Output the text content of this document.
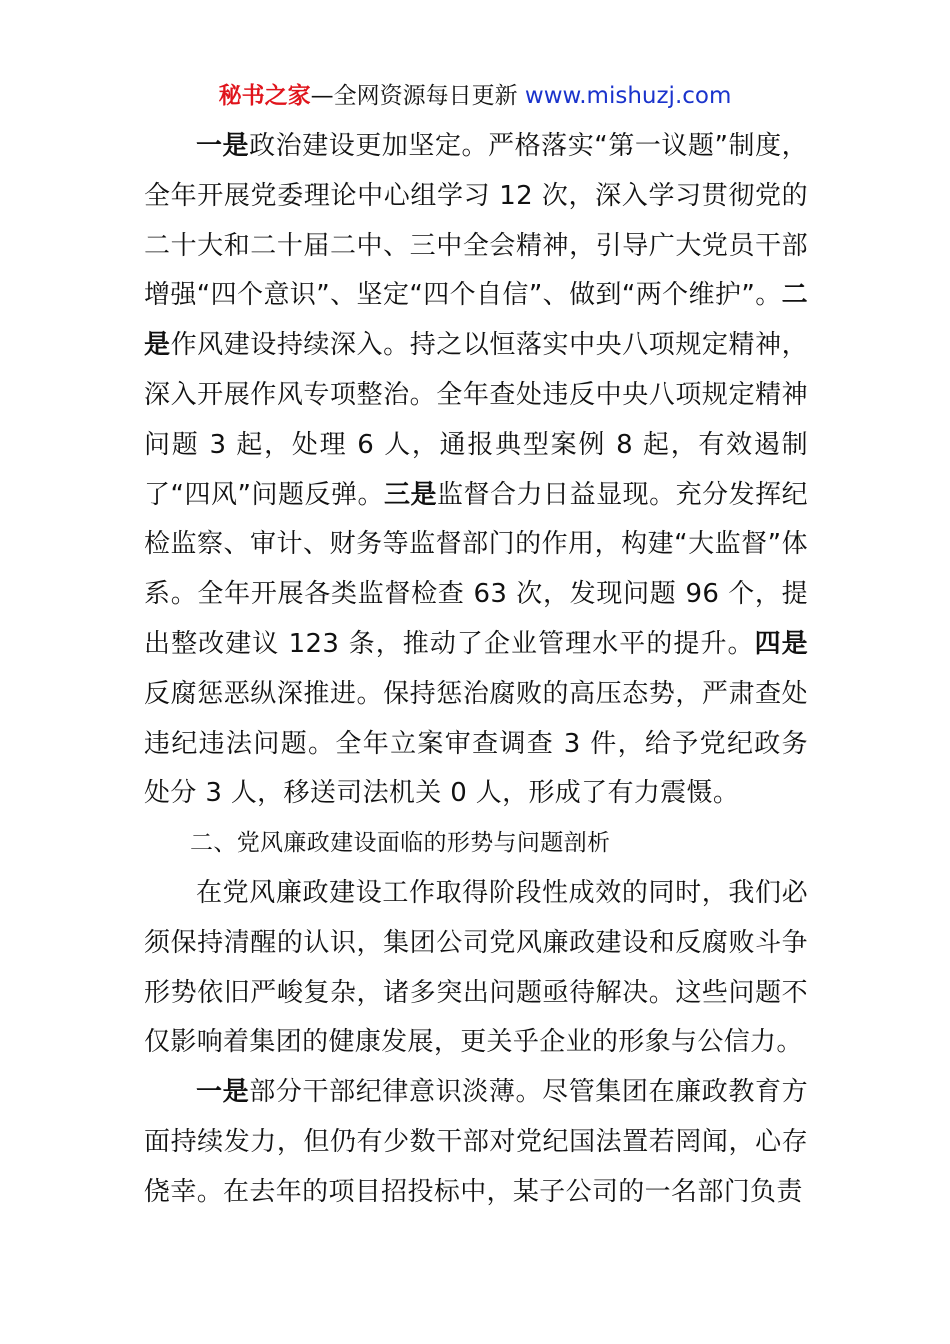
秘书之家—全网资源每日更新 www.mishuzj.com

一是政治建设更加坚定。严格落实“第一议题”制度，全年开展党委理论中心组学习 12 次，深入学习贯彻党的二十大和二十届二中、三中全会精神，引导广大党员干部增强“四个意识”、坚定“四个自信”、做到“两个维护”。二是作风建设持续深入。持之以恒落实中央八项规定精神，深入开展作风专项整治。全年查处违反中央八项规定精神问题 3 起，处理 6 人，通报典型案例 8 起，有效遏制了“四风”问题反弹。三是监督合力日益显现。充分发挥纪检监察、审计、财务等监督部门的作用，构建“大监督”体系。全年开展各类监督检查 63 次，发现问题 96 个，提出整改建议 123 条，推动了企业管理水平的提升。四是反腐惩恶纵深推进。保持惩治腐败的高压态势，严肃查处违纪违法问题。全年立案审查调查 3 件，给予党纪政务处分 3 人，移送司法机关 0 人，形成了有力震慑。

二、党风廉政建设面临的形势与问题剖析

在党风廉政建设工作取得阶段性成效的同时，我们必须保持清醒的认识，集团公司党风廉政建设和反腐败斗争形势依旧严峻复杂，诸多突出问题亟待解决。这些问题不仅影响着集团的健康发展，更关乎企业的形象与公信力。

一是部分干部纪律意识淡薄。尽管集团在廉政教育方面持续发力，但仍有少数干部对党纪国法置若罔闻，心存侥幸。在去年的项目招投标中，某子公司的一名部门负责
